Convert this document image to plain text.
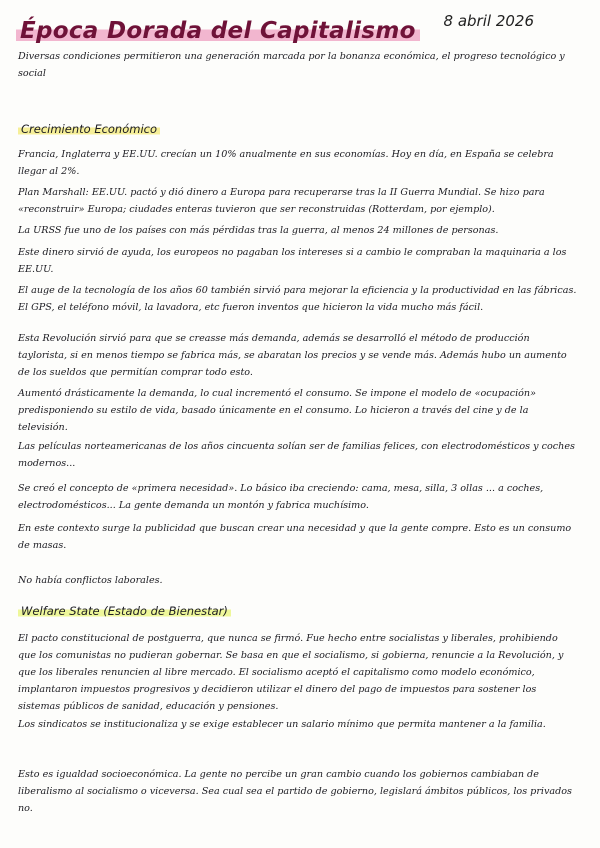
Época Dorada del Capitalismo 8 abril 2026

Diversas condiciones permitieron una generación marcada por la bonanza económica, el progreso tecnológico y social

Crecimiento Económico

Francia, Inglaterra y EE.UU. crecían un 10% anualmente en sus economías. Hoy en día, en España se celebra llegar al 2%.

Plan Marshall: EE.UU. pactó y dió dinero a Europa para recuperarse tras la II Guerra Mundial. Se hizo para «reconstruir» Europa; ciudades enteras tuvieron que ser reconstruidas (Rotterdam, por ejemplo).

La URSS fue uno de los países con más pérdidas tras la guerra, al menos 24 millones de personas.

Este dinero sirvió de ayuda, los europeos no pagaban los intereses si a cambio le compraban la maquinaria a los EE.UU.

El auge de la tecnología de los años 60 también sirvió para mejorar la eficiencia y la productividad en las fábricas. El GPS, el teléfono móvil, la lavadora, etc fueron inventos que hicieron la vida mucho más fácil.

Esta Revolución sirvió para que se creasse más demanda, además se desarrolló el método de producción taylorista, si en menos tiempo se fabrica más, se abaratan los precios y se vende más. Además hubo un aumento de los sueldos que permitían comprar todo esto.

Aumentó drásticamente la demanda, lo cual incrementó el consumo. Se impone el modelo de «ocupación» predisponiendo su estilo de vida, basado únicamente en el consumo. Lo hicieron a través del cine y de la televisión.

Las películas norteamericanas de los años cincuenta solían ser de familias felices, con electrodomésticos y coches modernos...

Se creó el concepto de «primera necesidad». Lo básico iba creciendo: cama, mesa, silla, 3 ollas ... a coches, electrodomésticos... La gente demanda un montón y fabrica muchísimo.

En este contexto surge la publicidad que buscan crear una necesidad y que la gente compre. Esto es un consumo de masas.

No había conflictos laborales.

Welfare State (Estado de Bienestar)

El pacto constitucional de postguerra, que nunca se firmó. Fue hecho entre socialistas y liberales, prohibiendo que los comunistas no pudieran gobernar. Se basa en que el socialismo, si gobierna, renuncie a la Revolución, y que los liberales renuncien al libre mercado. El socialismo aceptó el capitalismo como modelo económico, implantaron impuestos progresivos y decidieron utilizar el dinero del pago de impuestos para sostener los sistemas públicos de sanidad, educación y pensiones.

Los sindicatos se institucionaliza y se exige establecer un salario mínimo que permita mantener a la familia.

Esto es igualdad socioeconómica. La gente no percibe un gran cambio cuando los gobiernos cambiaban de liberalismo al socialismo o viceversa. Sea cual sea el partido de gobierno, legislará ámbitos públicos, los privados no.
